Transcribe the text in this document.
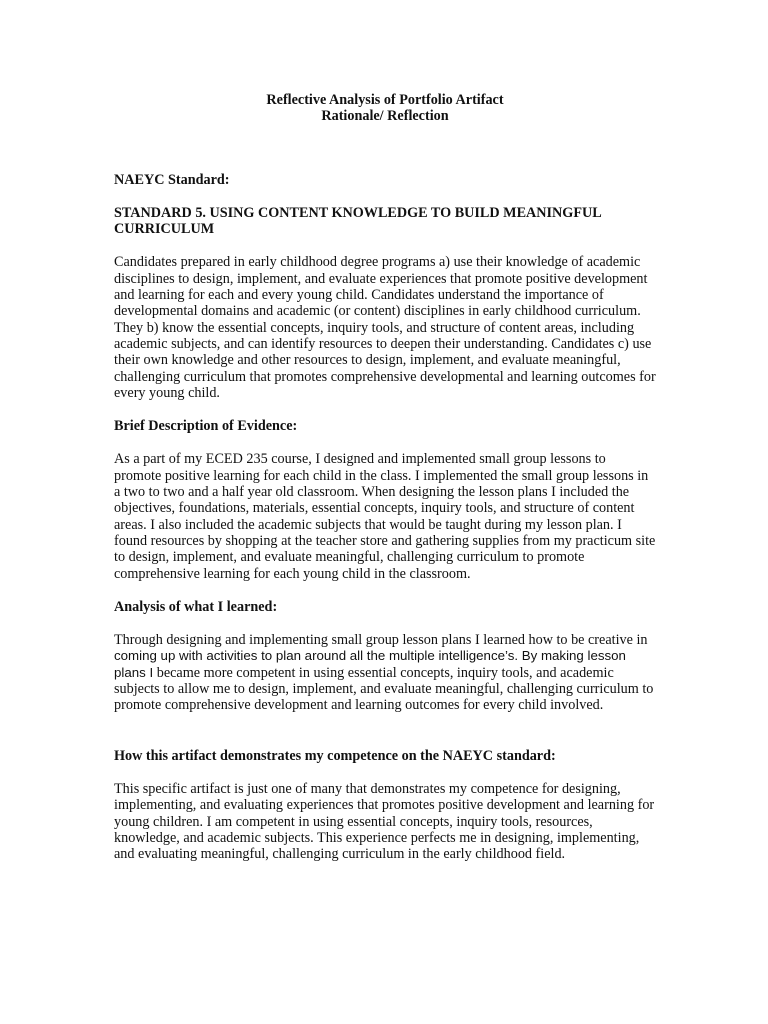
Reflective Analysis of Portfolio Artifact
Rationale/ Reflection
NAEYC Standard:
STANDARD 5. USING CONTENT KNOWLEDGE TO BUILD MEANINGFUL CURRICULUM

Candidates prepared in early childhood degree programs a) use their knowledge of academic disciplines to design, implement, and evaluate experiences that promote positive development and learning for each and every young child. Candidates understand the importance of developmental domains and academic (or content) disciplines in early childhood curriculum. They b) know the essential concepts, inquiry tools, and structure of content areas, including academic subjects, and can identify resources to deepen their understanding. Candidates c) use their own knowledge and other resources to design, implement, and evaluate meaningful, challenging curriculum that promotes comprehensive developmental and learning outcomes for every young child.

Brief Description of Evidence:

As a part of my ECED 235 course, I designed and implemented small group lessons to promote positive learning for each child in the class. I implemented the small group lessons in a two to two and a half year old classroom. When designing the lesson plans I included the objectives, foundations, materials, essential concepts, inquiry tools, and structure of content areas. I also included the academic subjects that would be taught during my lesson plan. I found resources by shopping at the teacher store and gathering supplies from my practicum site to design, implement, and evaluate meaningful, challenging curriculum to promote comprehensive learning for each young child in the classroom.

Analysis of what I learned:

Through designing and implementing small group lesson plans I learned how to be creative in coming up with activities to plan around all the multiple intelligence’s. By making lesson plans I became more competent in using essential concepts, inquiry tools, and academic subjects to allow me to design, implement, and evaluate meaningful, challenging curriculum to promote comprehensive development and learning outcomes for every child involved.

How this artifact demonstrates my competence on the NAEYC standard:

This specific artifact is just one of many that demonstrates my competence for designing, implementing, and evaluating experiences that promotes positive development and learning for young children. I am competent in using essential concepts, inquiry tools, resources, knowledge, and academic subjects. This experience perfects me in designing, implementing, and evaluating meaningful, challenging curriculum in the early childhood field.
